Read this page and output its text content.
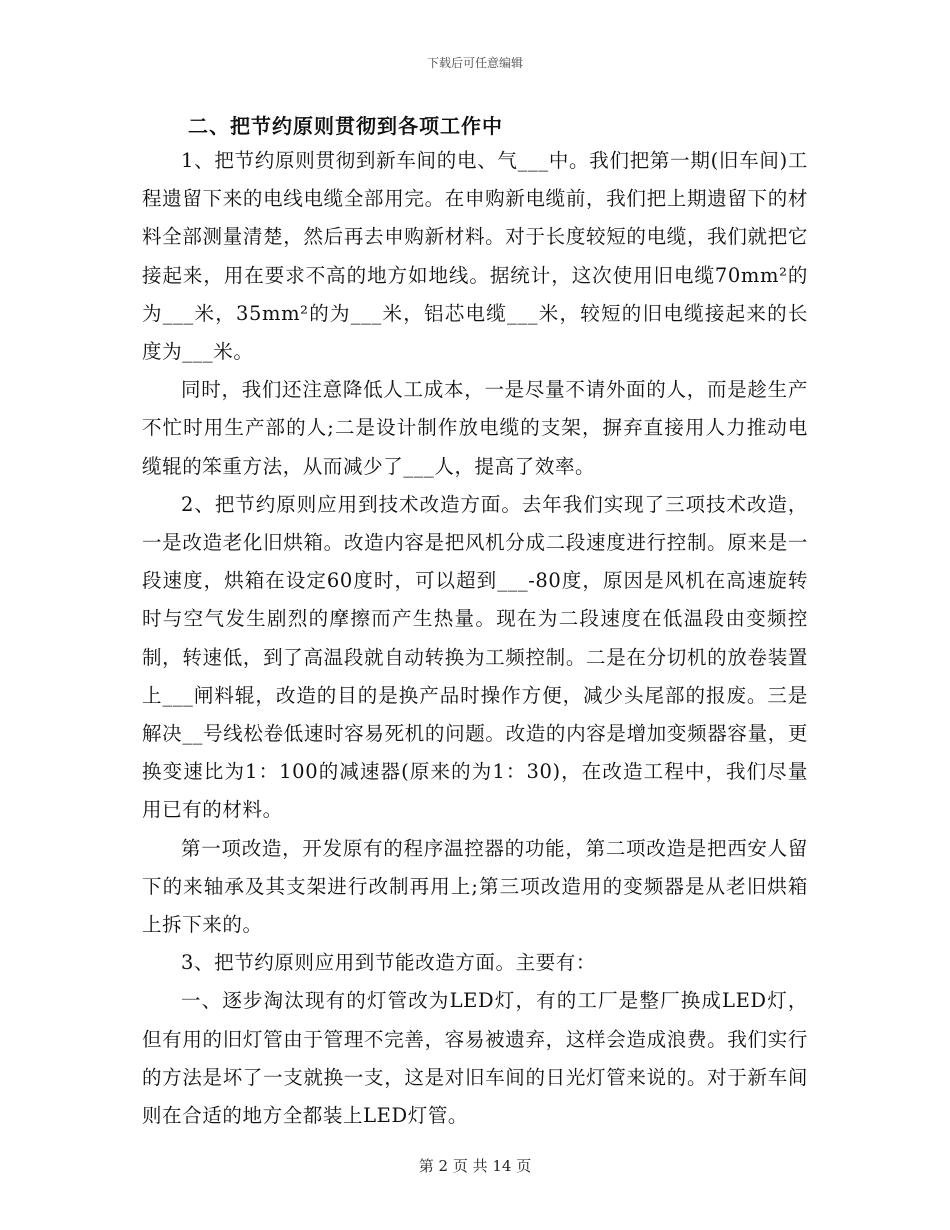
下载后可任意编辑
二、把节约原则贯彻到各项工作中

1、把节约原则贯彻到新车间的电、气___中。我们把第一期(旧车间)工程遗留下来的电线电缆全部用完。在申购新电缆前，我们把上期遗留下的材料全部测量清楚，然后再去申购新材料。对于长度较短的电缆，我们就把它接起来，用在要求不高的地方如地线。据统计，这次使用旧电缆70mm²的为___米，35mm²的为___米，铝芯电缆___米，较短的旧电缆接起来的长度为___米。

同时，我们还注意降低人工成本，一是尽量不请外面的人，而是趁生产不忙时用生产部的人;二是设计制作放电缆的支架，摒弃直接用人力推动电缆辊的笨重方法，从而减少了___人，提高了效率。

2、把节约原则应用到技术改造方面。去年我们实现了三项技术改造，一是改造老化旧烘箱。改造内容是把风机分成二段速度进行控制。原来是一段速度，烘箱在设定60度时，可以超到___-80度，原因是风机在高速旋转时与空气发生剧烈的摩擦而产生热量。现在为二段速度在低温段由变频控制，转速低，到了高温段就自动转换为工频控制。二是在分切机的放卷装置上___闸料辊，改造的目的是换产品时操作方便，减少头尾部的报废。三是解决__号线松卷低速时容易死机的问题。改造的内容是增加变频器容量，更换变速比为1：100的减速器(原来的为1：30)，在改造工程中，我们尽量用已有的材料。

第一项改造，开发原有的程序温控器的功能，第二项改造是把西安人留下的来轴承及其支架进行改制再用上;第三项改造用的变频器是从老旧烘箱上拆下来的。

3、把节约原则应用到节能改造方面。主要有：

一、逐步淘汰现有的灯管改为LED灯，有的工厂是整厂换成LED灯，但有用的旧灯管由于管理不完善，容易被遗弃，这样会造成浪费。我们实行的方法是坏了一支就换一支，这是对旧车间的日光灯管来说的。对于新车间则在合适的地方全都装上LED灯管。

第 2 页 共 14 页
